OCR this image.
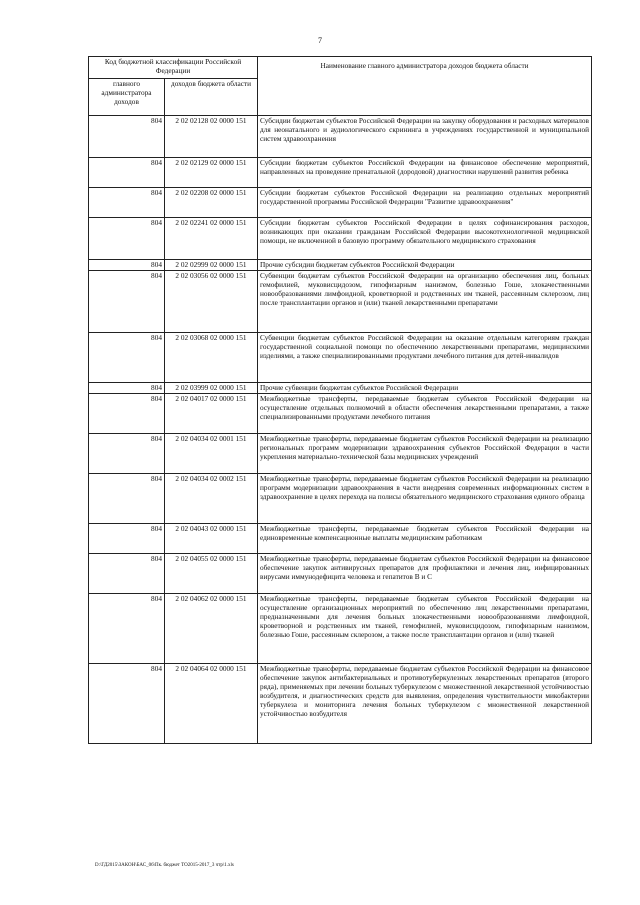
7
Код бюджетной классификации Российской Федерации		Наименование главного администратора доходов бюджета области
главного администратора доходов	доходов бюджета области	
804	2 02 02128 02 0000 151	Субсидии бюджетам субъектов Российской Федерации на закупку оборудования и расходных материалов для неонатального и аудиологического скрининга в учреждениях государственной и муниципальной систем здравоохранения
804	2 02 02129 02 0000 151	Субсидии бюджетам субъектов Российской Федерации на финансовое обеспечение мероприятий, направленных на проведение пренатальной (дородовой) диагностики нарушений развития ребенка
804	2 02 02208 02 0000 151	Субсидии бюджетам субъектов Российской Федерации на реализацию отдельных мероприятий государственной программы Российской Федерации "Развитие здравоохранения"
804	2 02 02241 02 0000 151	Субсидии бюджетам субъектов Российской Федерации в целях софинансирования расходов, возникающих при оказании гражданам Российской Федерации высокотехнологичной медицинской помощи, не включенной в базовую программу обязательного медицинского страхования
804	2 02 02999 02 0000 151	Прочие субсидии бюджетам субъектов Российской Федерации
804	2 02 03056 02 0000 151	Субвенции бюджетам субъектов Российской Федерации на организацию обеспечения лиц, больных гемофилией, муковисцидозом, гипофизарным нанизмом, болезнью Гоше, злокачественными новообразованиями лимфоидной, кроветворной и родственных им тканей, рассеянным склерозом, лиц после трансплантации органов и (или) тканей лекарственными препаратами
804	2 02 03068 02 0000 151	Субвенции бюджетам субъектов Российской Федерации на оказание отдельным категориям граждан государственной социальной помощи по обеспечению лекарственными препаратами, медицинскими изделиями, а также специализированными продуктами лечебного питания для детей-инвалидов
804	2 02 03999 02 0000 151	Прочие субвенции бюджетам субъектов Российской Федерации
804	2 02 04017 02 0000 151	Межбюджетные трансферты, передаваемые бюджетам субъектов Российской Федерации на осуществление отдельных полномочий в области обеспечения лекарственными препаратами, а также специализированными продуктами лечебного питания
804	2 02 04034 02 0001 151	Межбюджетные трансферты, передаваемые бюджетам субъектов Российской Федерации на реализацию региональных программ модернизации здравоохранения субъектов Российской Федерации в части укрепления материально-технической базы медицинских учреждений
804	2 02 04034 02 0002 151	Межбюджетные трансферты, передаваемые бюджетам субъектов Российской Федерации на реализацию программ модернизации здравоохранения в части внедрения современных информационных систем в здравоохранение в целях перехода на полисы обязательного медицинского страхования единого образца
804	2 02 04043 02 0000 151	Межбюджетные трансферты, передаваемые бюджетам субъектов Российской Федерации на единовременные компенсационные выплаты медицинским работникам
804	2 02 04055 02 0000 151	Межбюджетные трансферты, передаваемые бюджетам субъектов Российской Федерации на финансовое обеспечение закупок антивирусных препаратов для профилактики и лечения лиц, инфицированных вирусами иммунодефицита человека и гепатитов В и С
804	2 02 04062 02 0000 151	Межбюджетные трансферты, передаваемые бюджетам субъектов Российской Федерации на осуществление организационных мероприятий по обеспечению лиц лекарственными препаратами, предназначенными для лечения больных злокачественными новообразованиями лимфоидной, кроветворной и родственных им тканей, гемофилией, муковисцидозом, гипофизарным нанизмом, болезнью Гоше, рассеянным склерозом, а также после трансплантации органов и (или) тканей
804	2 02 04064 02 0000 151	Межбюджетные трансферты, передаваемые бюджетам субъектов Российской Федерации на финансовое обеспечение закупок антибактериальных и противотуберкулезных лекарственных препаратов (второго ряда), применяемых при лечении больных туберкулезом с множественной лекарственной устойчивостью возбудителя, и диагностических средств для выявления, определения чувствительности микобактерии туберкулеза и мониторинга лечения больных туберкулезом с множественной лекарственной устойчивостью возбудителя
D:\ГД2015\ЗАКОН\БАС_06\Пк. бюджет ТО2015-2017_3 чтр\1.xls
